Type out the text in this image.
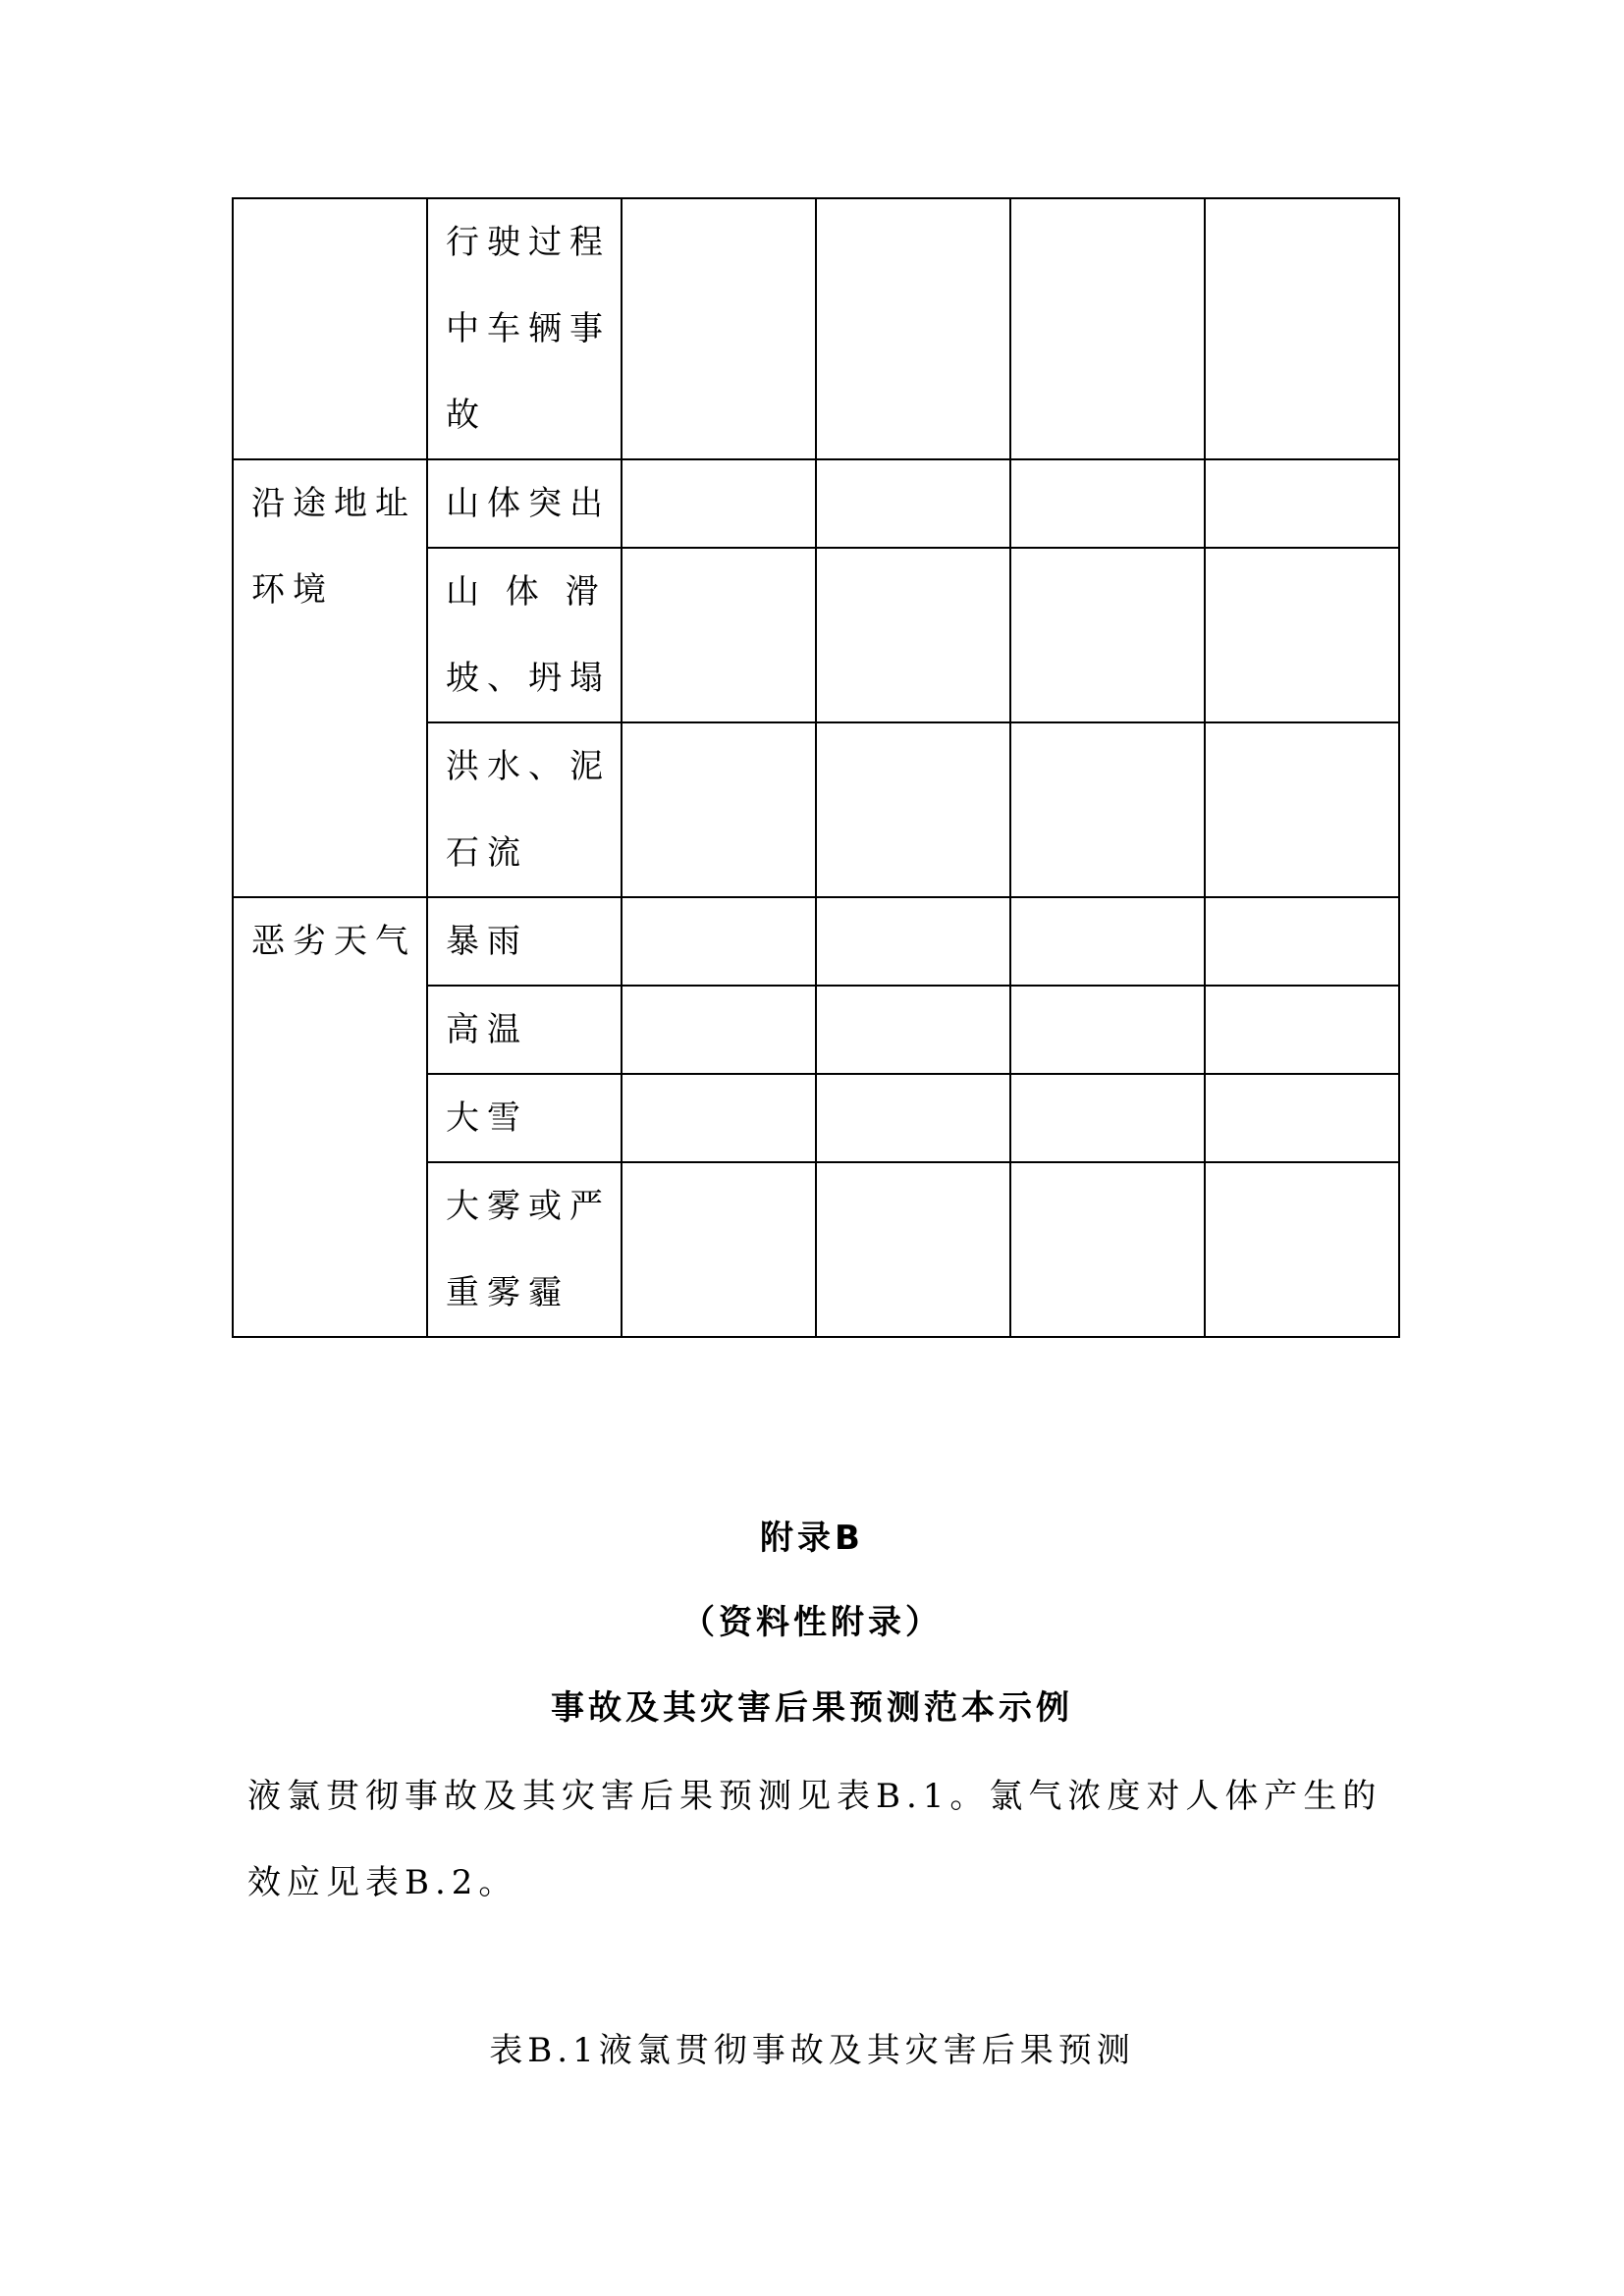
	行驶过程中车辆事故				

沿途地址环境	山体突出				

	山 体 滑坡、坍塌				

	洪水、泥石流				

恶劣天气	暴雨				

	高温				

	大雪				

	大雾或严重雾霾				

附录B
（资料性附录）
事故及其灾害后果预测范本示例
液氯贯彻事故及其灾害后果预测见表B.1。氯气浓度对人体产生的效应见表B.2。
表B.1液氯贯彻事故及其灾害后果预测
